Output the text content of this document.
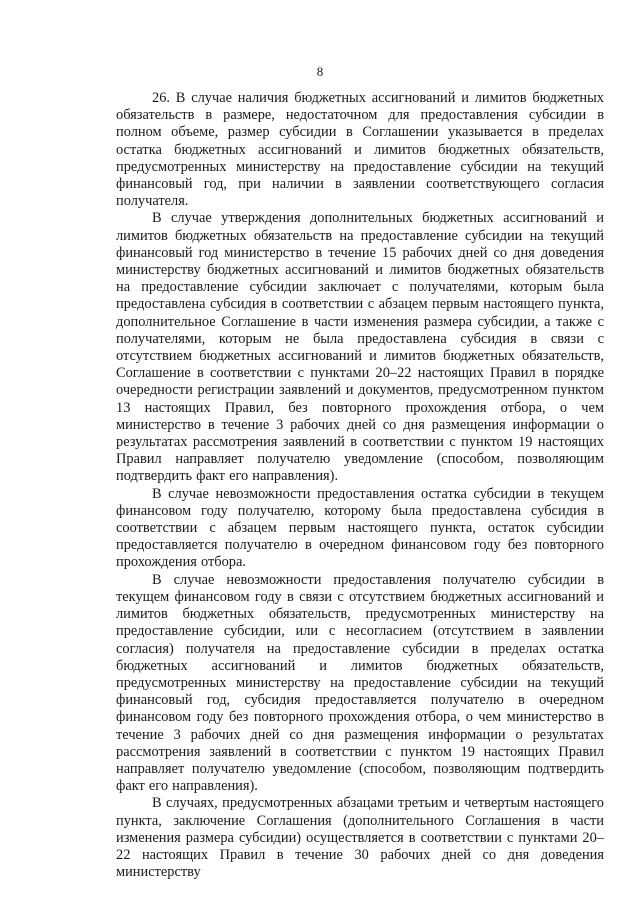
8

26. В случае наличия бюджетных ассигнований и лимитов бюджетных обязательств в размере, недостаточном для предоставления субсидии в полном объеме, размер субсидии в Соглашении указывается в пределах остатка бюджетных ассигнований и лимитов бюджетных обязательств, предусмотренных министерству на предоставление субсидии на текущий финансовый год, при наличии в заявлении соответствующего согласия получателя.

В случае утверждения дополнительных бюджетных ассигнований и лимитов бюджетных обязательств на предоставление субсидии на текущий финансовый год министерство в течение 15 рабочих дней со дня доведения министерству бюджетных ассигнований и лимитов бюджетных обязательств на предоставление субсидии заключает с получателями, которым была предоставлена субсидия в соответствии с абзацем первым настоящего пункта, дополнительное Соглашение в части изменения размера субсидии, а также с получателями, которым не была предоставлена субсидия в связи с отсутствием бюджетных ассигнований и лимитов бюджетных обязательств, Соглашение в соответствии с пунктами 20–22 настоящих Правил в порядке очередности регистрации заявлений и документов, предусмотренном пунктом 13 настоящих Правил, без повторного прохождения отбора, о чем министерство в течение 3 рабочих дней со дня размещения информации о результатах рассмотрения заявлений в соответствии с пунктом 19 настоящих Правил направляет получателю уведомление (способом, позволяющим подтвердить факт его направления).

В случае невозможности предоставления остатка субсидии в текущем финансовом году получателю, которому была предоставлена субсидия в соответствии с абзацем первым настоящего пункта, остаток субсидии предоставляется получателю в очередном финансовом году без повторного прохождения отбора.

В случае невозможности предоставления получателю субсидии в текущем финансовом году в связи с отсутствием бюджетных ассигнований и лимитов бюджетных обязательств, предусмотренных министерству на предоставление субсидии, или с несогласием (отсутствием в заявлении согласия) получателя на предоставление субсидии в пределах остатка бюджетных ассигнований и лимитов бюджетных обязательств, предусмотренных министерству на предоставление субсидии на текущий финансовый год, субсидия предоставляется получателю в очередном финансовом году без повторного прохождения отбора, о чем министерство в течение 3 рабочих дней со дня размещения информации о результатах рассмотрения заявлений в соответствии с пунктом 19 настоящих Правил направляет получателю уведомление (способом, позволяющим подтвердить факт его направления).

В случаях, предусмотренных абзацами третьим и четвертым настоящего пункта, заключение Соглашения (дополнительного Соглашения в части изменения размера субсидии) осуществляется в соответствии с пунктами 20–22 настоящих Правил в течение 30 рабочих дней со дня доведения министерству
